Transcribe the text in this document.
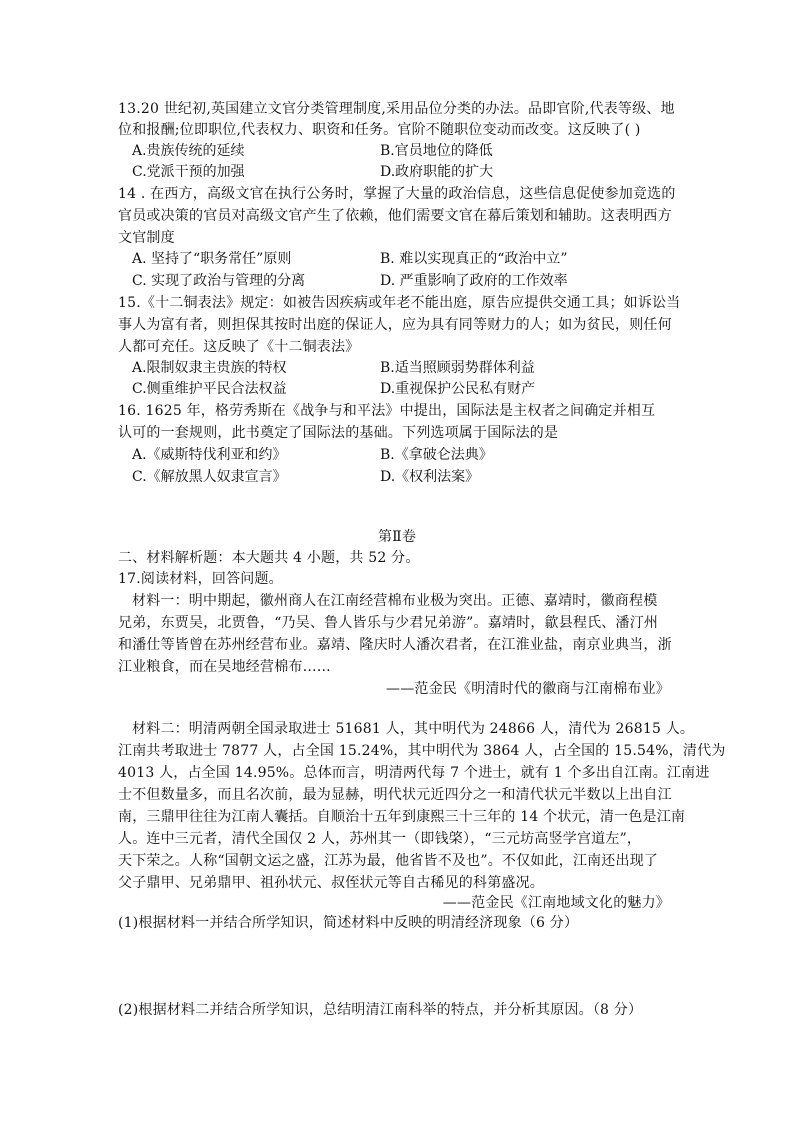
13.20 世纪初,英国建立文官分类管理制度,采用品位分类的办法。品即官阶,代表等级、地
位和报酬;位即职位,代表权力、职资和任务。官阶不随职位变动而改变。这反映了( )
A.贵族传统的延续	B.官员地位的降低
C.党派干预的加强	D.政府职能的扩大
14 . 在西方，高级文官在执行公务时，掌握了大量的政治信息，这些信息促使参加竞选的
官员或决策的官员对高级文官产生了依赖，他们需要文官在幕后策划和辅助。这表明西方
文官制度
A. 坚持了“职务常任”原则	B. 难以实现真正的“政治中立”
C. 实现了政治与管理的分离	D. 严重影响了政府的工作效率
15.《十二铜表法》规定：如被告因疾病或年老不能出庭，原告应提供交通工具；如诉讼当
事人为富有者，则担保其按时出庭的保证人，应为具有同等财力的人；如为贫民，则任何
人都可充任。这反映了《十二铜表法》
A.限制奴隶主贵族的特权	B.适当照顾弱势群体利益
C.侧重维护平民合法权益	D.重视保护公民私有财产
16. 1625 年，格劳秀斯在《战争与和平法》中提出，国际法是主权者之间确定并相互
认可的一套规则，此书奠定了国际法的基础。下列选项属于国际法的是
A.《威斯特伐利亚和约》	B.《拿破仑法典》
C.《解放黑人奴隶宣言》	D.《权利法案》
第Ⅱ卷
二、材料解析题：本大题共 4 小题，共 52 分。
17.阅读材料，回答问题。
材料一：明中期起，徽州商人在江南经营棉布业极为突出。正德、嘉靖时，徽商程模
兄弟，东贾吴，北贾鲁，“乃吴、鲁人皆乐与少君兄弟游”。嘉靖时，歙县程氏、潘汀州
和潘仕等皆曾在苏州经营布业。嘉靖、隆庆时人潘次君者，在江淮业盐，南京业典当，浙
江业粮食，而在吴地经营棉布……
——范金民《明清时代的徽商与江南棉布业》
材料二：明清两朝全国录取进士 51681 人，其中明代为 24866 人，清代为 26815 人。
江南共考取进士 7877 人，占全国 15.24%，其中明代为 3864 人，占全国的 15.54%，清代为
4013 人，占全国 14.95%。总体而言，明清两代每 7 个进士，就有 1 个多出自江南。江南进
士不但数量多，而且名次前，最为显赫，明代状元近四分之一和清代状元半数以上出自江
南，三鼎甲往往为江南人囊括。自顺治十五年到康熙三十三年的 14 个状元，清一色是江南
人。连中三元者，清代全国仅 2 人，苏州其一（即钱棨），“三元坊高竖学宫道左”，
天下荣之。人称“国朝文运之盛，江苏为最，他省皆不及也”。不仅如此，江南还出现了
父子鼎甲、兄弟鼎甲、祖孙状元、叔侄状元等自古稀见的科第盛况。
——范金民《江南地域文化的魅力》
(1)根据材料一并结合所学知识，简述材料中反映的明清经济现象（6 分）
(2)根据材料二并结合所学知识，总结明清江南科举的特点，并分析其原因。（8 分）
